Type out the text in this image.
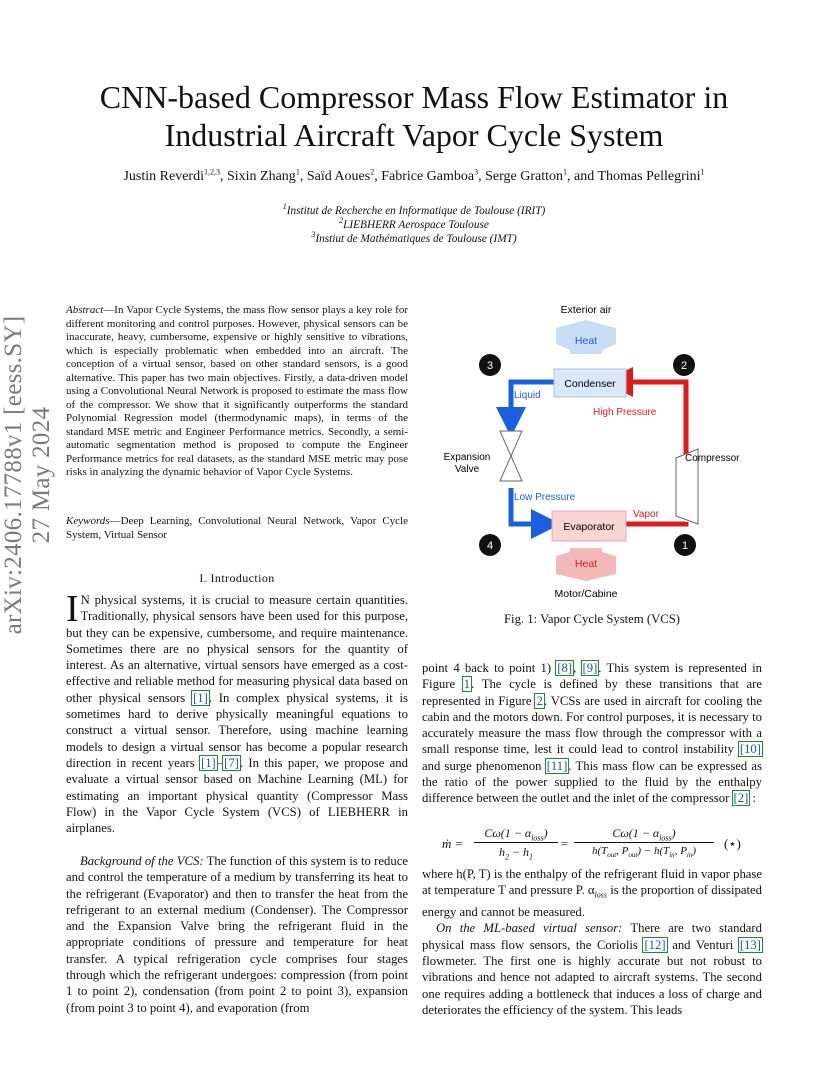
arXiv:2406.17788v1 [eess.SY] 27 May 2024
CNN-based Compressor Mass Flow Estimator in
Industrial Aircraft Vapor Cycle System
Justin Reverdi$^{1,2,3}$, Sixin Zhang$^1$, Saïd Aoues$^2$, Fabrice Gamboa$^3$, Serge Gratton$^1$, and Thomas Pellegrini$^1$
$^1$Institut de Recherche en Informatique de Toulouse (IRIT)
$^2$LIEBHERR Aerospace Toulouse
$^3$Instiut de Mathématiques de Toulouse (IMT)
Abstract—In Vapor Cycle Systems, the mass flow sensor plays a key role for different monitoring and control purposes. However, physical sensors can be inaccurate, heavy, cumbersome, expensive or highly sensitive to vibrations, which is especially problematic when embedded into an aircraft. The conception of a virtual sensor, based on other standard sensors, is a good alternative. This paper has two main objectives. Firstly, a data-driven model using a Convolutional Neural Network is proposed to estimate the mass flow of the compressor. We show that it significantly outperforms the standard Polynomial Regression model (thermodynamic maps), in terms of the standard MSE metric and Engineer Performance metrics. Secondly, a semi-automatic segmentation method is proposed to compute the Engineer Performance metrics for real datasets, as the standard MSE metric may pose risks in analyzing the dynamic behavior of Vapor Cycle Systems.
Keywords—Deep Learning, Convolutional Neural Network, Vapor Cycle System, Virtual Sensor
I. Introduction
I N physical systems, it is crucial to measure certain quantities. Traditionally, physical sensors have been used for this purpose, but they can be expensive, cumbersome, and require maintenance. Sometimes there are no physical sensors for the quantity of interest. As an alternative, virtual sensors have emerged as a cost-effective and reliable method for measuring physical data based on other physical sensors [1]. In complex physical systems, it is sometimes hard to derive physically meaningful equations to construct a virtual sensor. Therefore, using machine learning models to design a virtual sensor has become a popular research direction in recent years [1]–[7]. In this paper, we propose and evaluate a virtual sensor based on Machine Learning (ML) for estimating an important physical quantity (Compressor Mass Flow) in the Vapor Cycle System (VCS) of LIEBHERR in airplanes.
Background of the VCS: The function of this system is to reduce and control the temperature of a medium by transferring its heat to the refrigerant (Evaporator) and then to transfer the heat from the refrigerant to an external medium (Condenser). The Compressor and the Expansion Valve bring the refrigerant fluid in the appropriate conditions of pressure and temperature for heat transfer. A typical refrigeration cycle comprises four stages through which the refrigerant undergoes: compression (from point 1 to point 2), condensation (from point 2 to point 3), expansion (from point 3 to point 4), and evaporation (from
Exterior air
Heat
Condenser
Liquid
High Pressure
3	2
Expansion
Valve
Compressor
Low Pressure
Vapor
Evaporator
4	1
Heat
Motor/Cabine
Fig. 1: Vapor Cycle System (VCS)
point 4 back to point 1) [8], [9]. This system is represented in Figure 1. The cycle is defined by these transitions that are represented in Figure 2. VCSs are used in aircraft for cooling the cabin and the motors down. For control purposes, it is necessary to accurately measure the mass flow through the compressor with a small response time, lest it could lead to control instability [10] and surge phenomenon [11]. This mass flow can be expressed as the ratio of the power supplied to the fluid by the enthalpy difference between the outlet and the inlet of the compressor [2] :
ṁ =
$C\omega(1 - \alpha_{loss})$
$h_2 - h_1$
=
$C\omega(1 - \alpha_{loss})$
$h(T_{out}$, $P_{out}) - h(T_{in}$, $P_{in}$)	(⋆)
where h(P, T) is the enthalpy of the refrigerant fluid in vapor phase at temperature T and pressure P. $\alpha_{loss}$ is the proportion of dissipated energy and cannot be measured.
On the ML-based virtual sensor: There are two standard physical mass flow sensors, the Coriolis [12] and Venturi [13] flowmeter. The first one is highly accurate but not robust to vibrations and hence not adapted to aircraft systems. The second one requires adding a bottleneck that induces a loss of charge and deteriorates the efficiency of the system. This leads
